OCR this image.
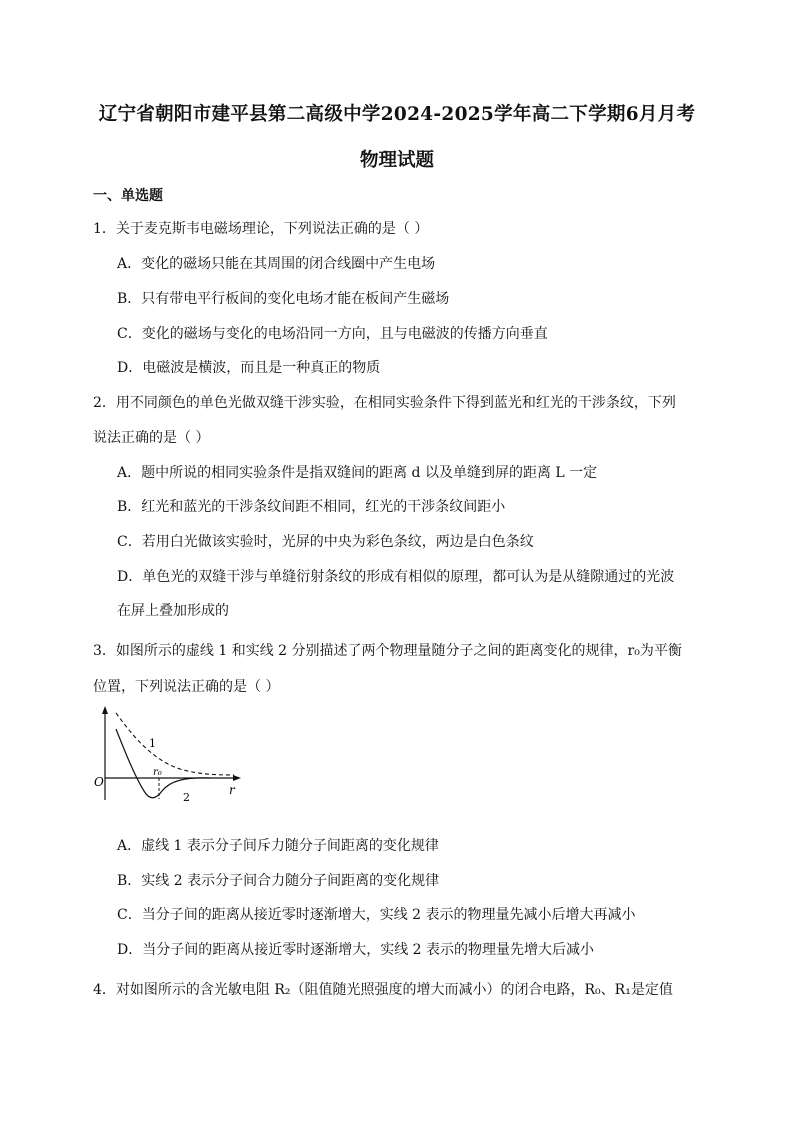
辽宁省朝阳市建平县第二高级中学2024-2025学年高二下学期6月月考
物理试题
一、单选题
1．关于麦克斯韦电磁场理论，下列说法正确的是（ ）
A．变化的磁场只能在其周围的闭合线圈中产生电场
B．只有带电平行板间的变化电场才能在板间产生磁场
C．变化的磁场与变化的电场沿同一方向，且与电磁波的传播方向垂直
D．电磁波是横波，而且是一种真正的物质
2．用不同颜色的单色光做双缝干涉实验，在相同实验条件下得到蓝光和红光的干涉条纹，下列
说法正确的是（ ）
A．题中所说的相同实验条件是指双缝间的距离 d 以及单缝到屏的距离 L 一定
B．红光和蓝光的干涉条纹间距不相同，红光的干涉条纹间距小
C．若用白光做该实验时，光屏的中央为彩色条纹，两边是白色条纹
D．单色光的双缝干涉与单缝衍射条纹的形成有相似的原理，都可认为是从缝隙通过的光波
在屏上叠加形成的
3．如图所示的虚线 1 和实线 2 分别描述了两个物理量随分子之间的距离变化的规律，r₀为平衡
位置，下列说法正确的是（ ）
O
1
2
r₀
r
A．虚线 1 表示分子间斥力随分子间距离的变化规律
B．实线 2 表示分子间合力随分子间距离的变化规律
C．当分子间的距离从接近零时逐渐增大，实线 2 表示的物理量先减小后增大再减小
D．当分子间的距离从接近零时逐渐增大，实线 2 表示的物理量先增大后减小
4．对如图所示的含光敏电阻 R₂（阻值随光照强度的增大而减小）的闭合电路，R₀、R₁是定值
